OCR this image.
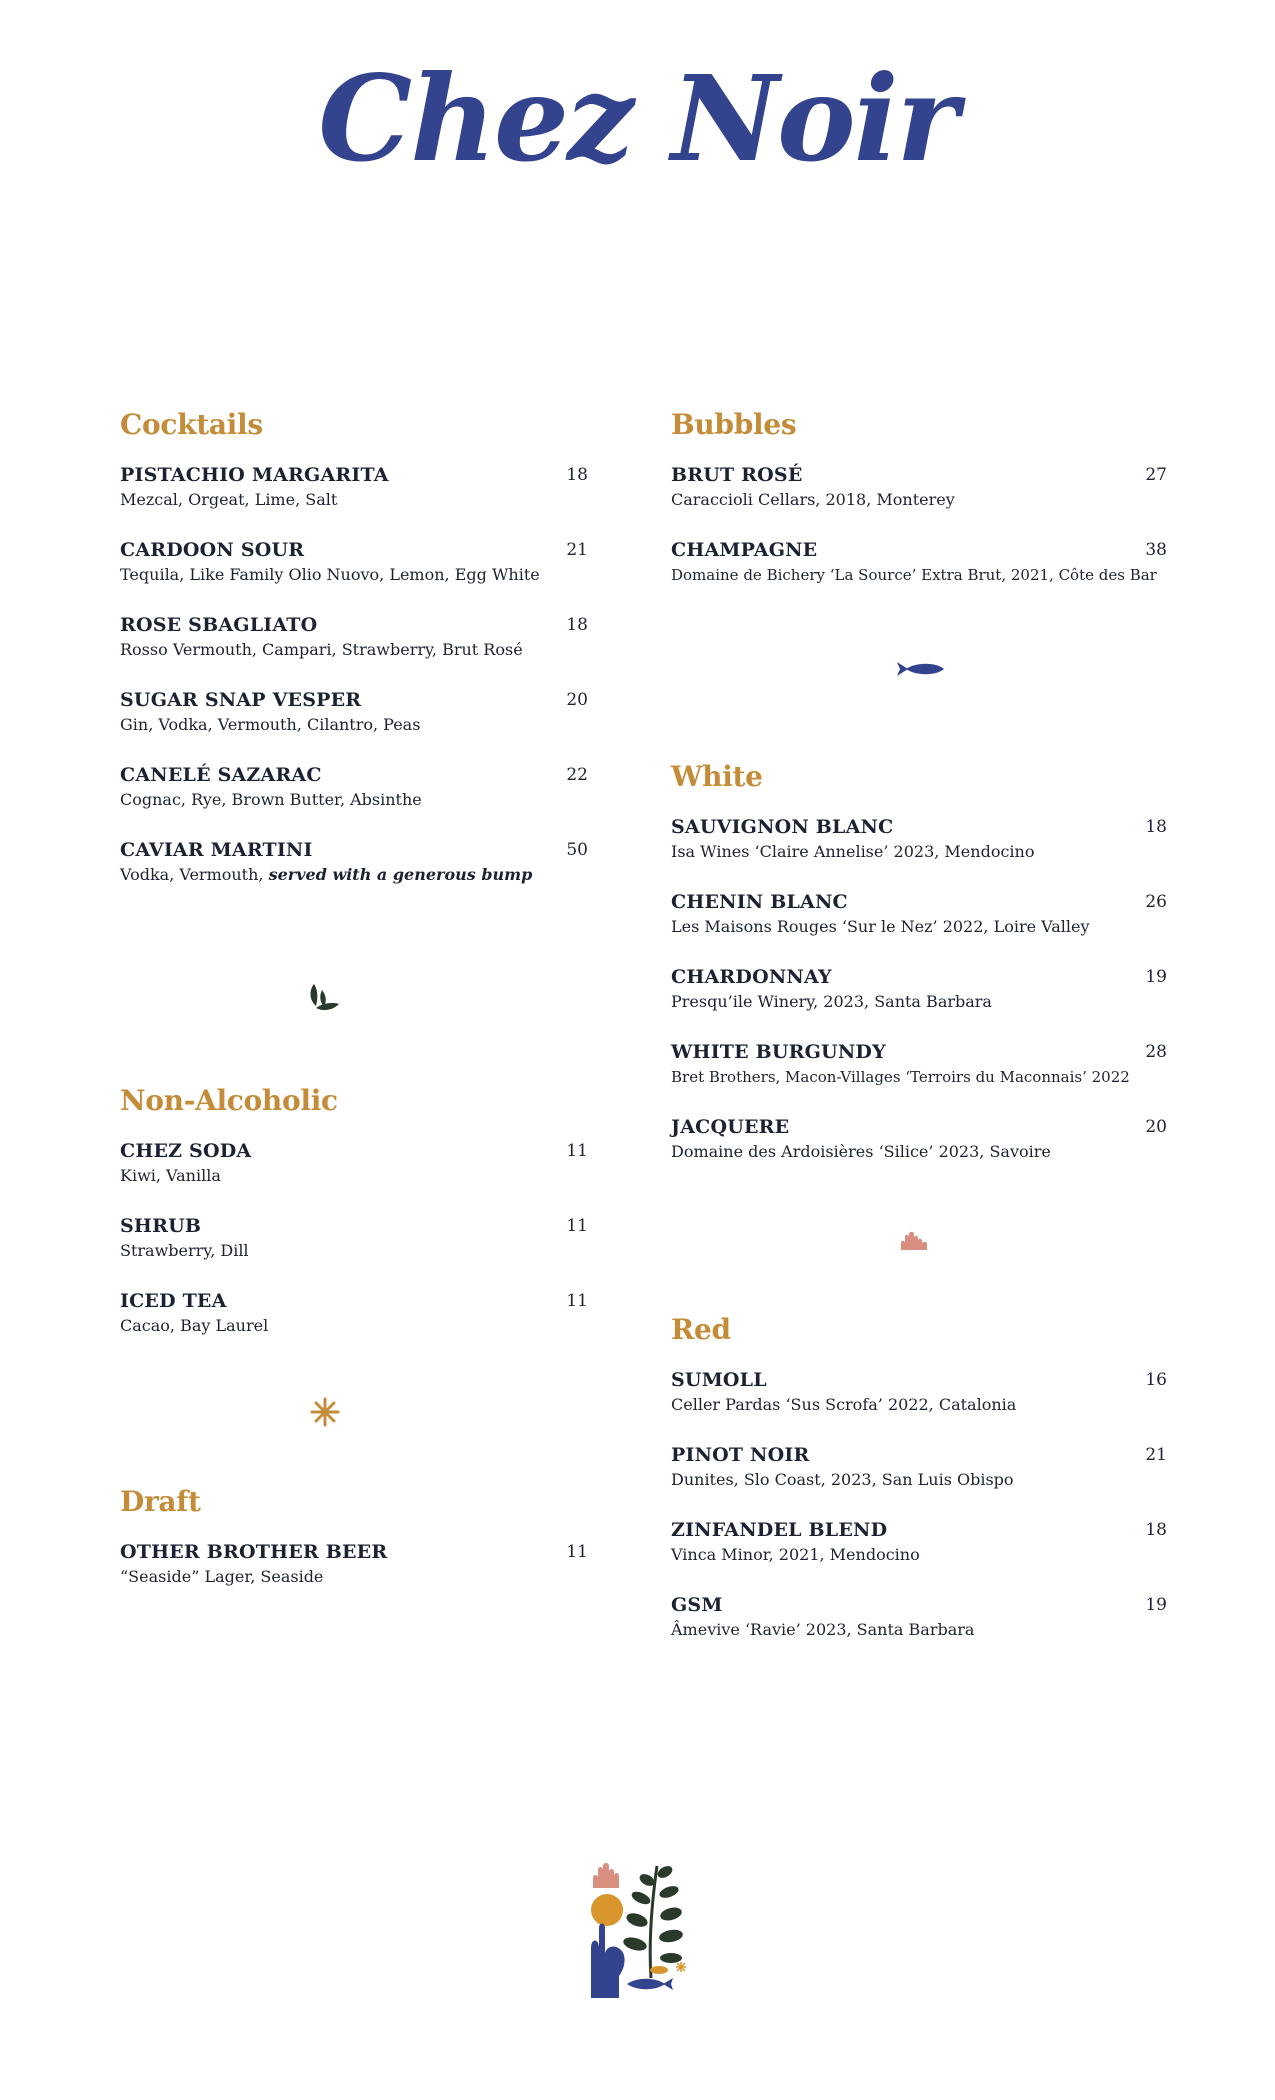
Chez Noir
Cocktails
PISTACHIO MARGARITA
Mezcal, Orgeat, Lime, Salt
18
CARDOON SOUR
Tequila, Like Family Olio Nuovo, Lemon, Egg White
21
ROSE SBAGLIATO
Rosso Vermouth, Campari, Strawberry, Brut Rosé
18
SUGAR SNAP VESPER
Gin, Vodka, Vermouth, Cilantro, Peas
20
CANELÉ SAZARAC
Cognac, Rye, Brown Butter, Absinthe
22
CAVIAR MARTINI
Vodka, Vermouth, served with a generous bump
50
Non-Alcoholic
CHEZ SODA
Kiwi, Vanilla
11
SHRUB
Strawberry, Dill
11
ICED TEA
Cacao, Bay Laurel
11
Draft
OTHER BROTHER BEER
“Seaside” Lager, Seaside
11
Bubbles
BRUT ROSÉ
Caraccioli Cellars, 2018, Monterey
27
CHAMPAGNE
Domaine de Bichery ‘La Source’ Extra Brut, 2021, Côte des Bar
38
White
SAUVIGNON BLANC
Isa Wines ‘Claire Annelise’ 2023, Mendocino
18
CHENIN BLANC
Les Maisons Rouges ‘Sur le Nez’ 2022, Loire Valley
26
CHARDONNAY
Presqu’ile Winery, 2023, Santa Barbara
19
WHITE BURGUNDY
Bret Brothers, Macon-Villages ‘Terroirs du Maconnais’ 2022
28
JACQUERE
Domaine des Ardoisières ‘Silice’ 2023, Savoire
20
Red
SUMOLL
Celler Pardas ‘Sus Scrofa’ 2022, Catalonia
16
PINOT NOIR
Dunites, Slo Coast, 2023, San Luis Obispo
21
ZINFANDEL BLEND
Vinca Minor, 2021, Mendocino
18
GSM
Âmevive ‘Ravie’ 2023, Santa Barbara
19
